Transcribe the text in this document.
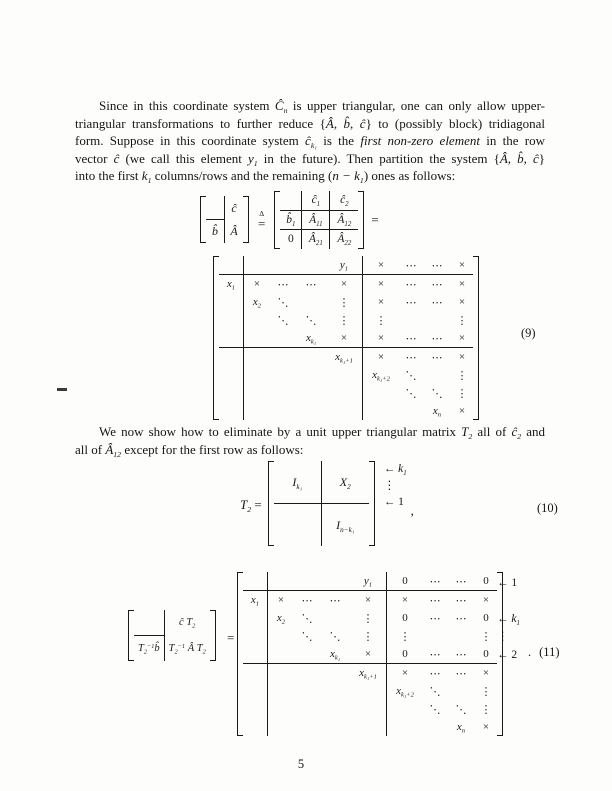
Since in this coordinate system $Ĉ_n$ is upper triangular, one can only allow upper-
triangular transformations to further reduce {Â, b̂, ĉ} to (possibly block) tridiagonal
form. Suppose in this coordinate system $ĉ_{k_1}$ is the first non-zero element in the row
vector ĉ (we call this element $y_1$ in the future). Then partition the system {Â, b̂, ĉ}
into the first $k_1$ columns/rows and the remaining $(n - k_1)$ ones as follows:
	ĉ
b̂	Â
Δ
=
	$ĉ_1$	$ĉ_2$
$b̂_1$	$Â_{11}$	$Â_{12}$
0	$Â_{21}$	$Â_{22}$
=
				$y_1$	×	⋯	⋯	×
$x_1$	×	⋯	⋯	×	×	⋯	⋯	×
	$x_2$	⋱		⋮	×	⋯	⋯	×
		⋱	⋱	⋮	⋮			⋮
			$x_{k_1}$	×	×	⋯	⋯	×
				$x_{k_1+1}$	×	⋯	⋯	×
					$x_{k_1+2}$	⋱		⋮
						⋱	⋱	⋮
							$x_n$	×
(9)
We now show how to eliminate by a unit upper triangular matrix $T_2$ all of $ĉ_2$ and
all of $Â_{12}$ except for the first row as follows:
$T_2$ =
$I_{k_1}$	$X_2$
	$I_{n-k_1}$
← $k_1$
⋮
← 1
,	(10)
	ĉ $T_2$
$T_2^{-1}b̂$	$T_2^{-1}$ Â $T_2$
=
				$y_1$	0	⋯	⋯	0
$x_1$	×	⋯	⋯	×	×	⋯	⋯	×
	$x_2$	⋱		⋮	0	⋯	⋯	0
		⋱	⋱	⋮	⋮			⋮
			$x_{k_1}$	×	0	⋯	⋯	0
				$x_{k_1+1}$	×	⋯	⋯	×
					$x_{k_1+2}$	⋱		⋮
						⋱	⋱	⋮
							$x_n$	×
← 1
← $k_1$
⋮
← 2 . (11)
5
